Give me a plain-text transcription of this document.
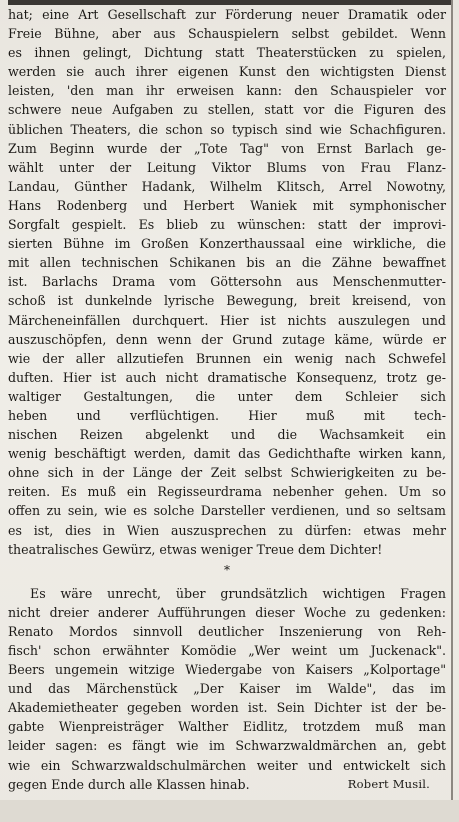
hat; eine Art Gesellschaft zur Förderung neuer Dramatik oder
Freie Bühne, aber aus Schauspielern selbst gebildet. Wenn
es ihnen gelingt, Dichtung statt Theaterstücken zu spielen,
werden sie auch ihrer eigenen Kunst den wichtigsten Dienst
leisten, 'den man ihr erweisen kann: den Schauspieler vor
schwere neue Aufgaben zu stellen, statt vor die Figuren des
üblichen Theaters, die schon so typisch sind wie Schachfiguren.
Zum Beginn wurde der „Tote Tag" von Ernst Barlach ge-
wählt unter der Leitung Viktor Blums von Frau Flanz-
Landau, Günther Hadank, Wilhelm Klitsch, Arrel Nowotny,
Hans Rodenberg und Herbert Waniek mit symphonischer
Sorgfalt gespielt. Es blieb zu wünschen: statt der improvi-
sierten Bühne im Großen Konzerthaussaal eine wirkliche, die
mit allen technischen Schikanen bis an die Zähne bewaffnet
ist. Barlachs Drama vom Göttersohn aus Menschenmutter-
schoß ist dunkelnde lyrische Bewegung, breit kreisend, von
Märcheneinfällen durchquert. Hier ist nichts auszulegen und
auszuschöpfen, denn wenn der Grund zutage käme, würde er
wie der aller allzutiefen Brunnen ein wenig nach Schwefel
duften. Hier ist auch nicht dramatische Konsequenz, trotz ge-
waltiger Gestaltungen, die unter dem Schleier sich
heben und verflüchtigen. Hier muß mit tech-
nischen Reizen abgelenkt und die Wachsamkeit ein
wenig beschäftigt werden, damit das Gedichthafte wirken kann,
ohne sich in der Länge der Zeit selbst Schwierigkeiten zu be-
reiten. Es muß ein Regisseurdrama nebenher gehen. Um so
offen zu sein, wie es solche Darsteller verdienen, und so seltsam
es ist, dies in Wien auszusprechen zu dürfen: etwas mehr
theatralisches Gewürz, etwas weniger Treue dem Dichter!
*
Es wäre unrecht, über grundsätzlich wichtigen Fragen
nicht dreier anderer Aufführungen dieser Woche zu gedenken:
Renato Mordos sinnvoll deutlicher Inszenierung von Reh-
fisch' schon erwähnter Komödie „Wer weint um Juckenack".
Beers ungemein witzige Wiedergabe von Kaisers „Kolportage"
und das Märchenstück „Der Kaiser im Walde", das im
Akademietheater gegeben worden ist. Sein Dichter ist der be-
gabte Wienpreisträger Walther Eidlitz, trotzdem muß man
leider sagen: es fängt wie im Schwarzwaldmärchen an, gebt
wie ein Schwarzwaldschulmärchen weiter und entwickelt sich
gegen Ende durch alle Klassen hinab.	Robert Musil.
